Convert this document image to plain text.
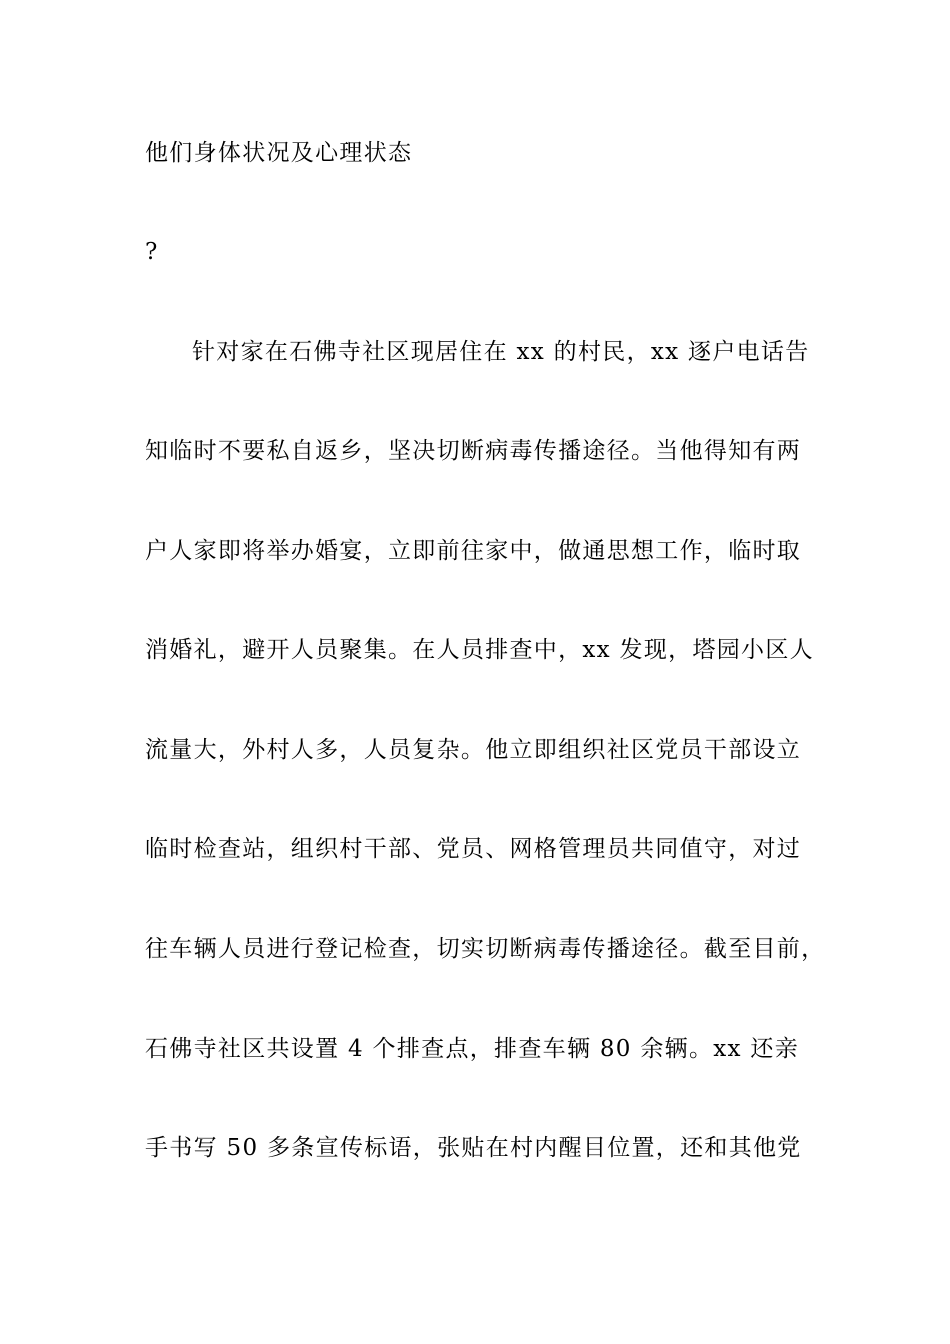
他们身体状况及心理状态
?
针对家在石佛寺社区现居住在 xx 的村民，xx 逐户电话告
知临时不要私自返乡，坚决切断病毒传播途径。当他得知有两
户人家即将举办婚宴，立即前往家中，做通思想工作，临时取
消婚礼，避开人员聚集。在人员排查中，xx 发现，塔园小区人
流量大，外村人多，人员复杂。他立即组织社区党员干部设立
临时检查站，组织村干部、党员、网格管理员共同值守，对过
往车辆人员进行登记检查，切实切断病毒传播途径。截至目前，
石佛寺社区共设置 4 个排查点，排查车辆 80 余辆。xx 还亲
手书写 50 多条宣传标语，张贴在村内醒目位置，还和其他党
